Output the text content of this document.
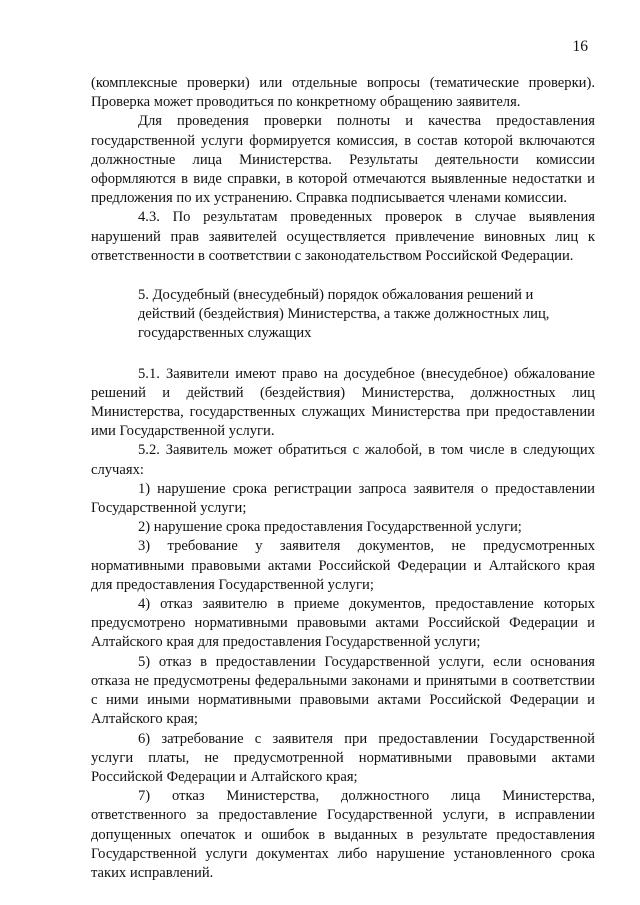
16

(комплексные проверки) или отдельные вопросы (тематические проверки). Проверка может проводиться по конкретному обращению заявителя.

Для проведения проверки полноты и качества предоставления государственной услуги формируется комиссия, в состав которой включаются должностные лица Министерства. Результаты деятельности комиссии оформляются в виде справки, в которой отмечаются выявленные недостатки и предложения по их устранению. Справка подписывается членами комиссии.

4.3. По результатам проведенных проверок в случае выявления нарушений прав заявителей осуществляется привлечение виновных лиц к ответственности в соответствии с законодательством Российской Федерации.

5. Досудебный (внесудебный) порядок обжалования решений и
действий (бездействия) Министерства, а также должностных лиц, государственных служащих

5.1. Заявители имеют право на досудебное (внесудебное) обжалование решений и действий (бездействия) Министерства, должностных лиц Министерства, государственных служащих Министерства при предоставлении ими Государственной услуги.

5.2. Заявитель может обратиться с жалобой, в том числе в следующих случаях:

1) нарушение срока регистрации запроса заявителя о предоставлении Государственной услуги;

2) нарушение срока предоставления Государственной услуги;

3) требование у заявителя документов, не предусмотренных нормативными правовыми актами Российской Федерации и Алтайского края для предоставления Государственной услуги;

4) отказ заявителю в приеме документов, предоставление которых предусмотрено нормативными правовыми актами Российской Федерации и Алтайского края для предоставления Государственной услуги;

5) отказ в предоставлении Государственной услуги, если основания отказа не предусмотрены федеральными законами и принятыми в соответствии с ними иными нормативными правовыми актами Российской Федерации и Алтайского края;

6) затребование с заявителя при предоставлении Государственной услуги платы, не предусмотренной нормативными правовыми актами Российской Федерации и Алтайского края;

7) отказ Министерства, должностного лица Министерства, ответственного за предоставление Государственной услуги, в исправлении допущенных опечаток и ошибок в выданных в результате предоставления Государственной услуги документах либо нарушение установленного срока таких исправлений.
